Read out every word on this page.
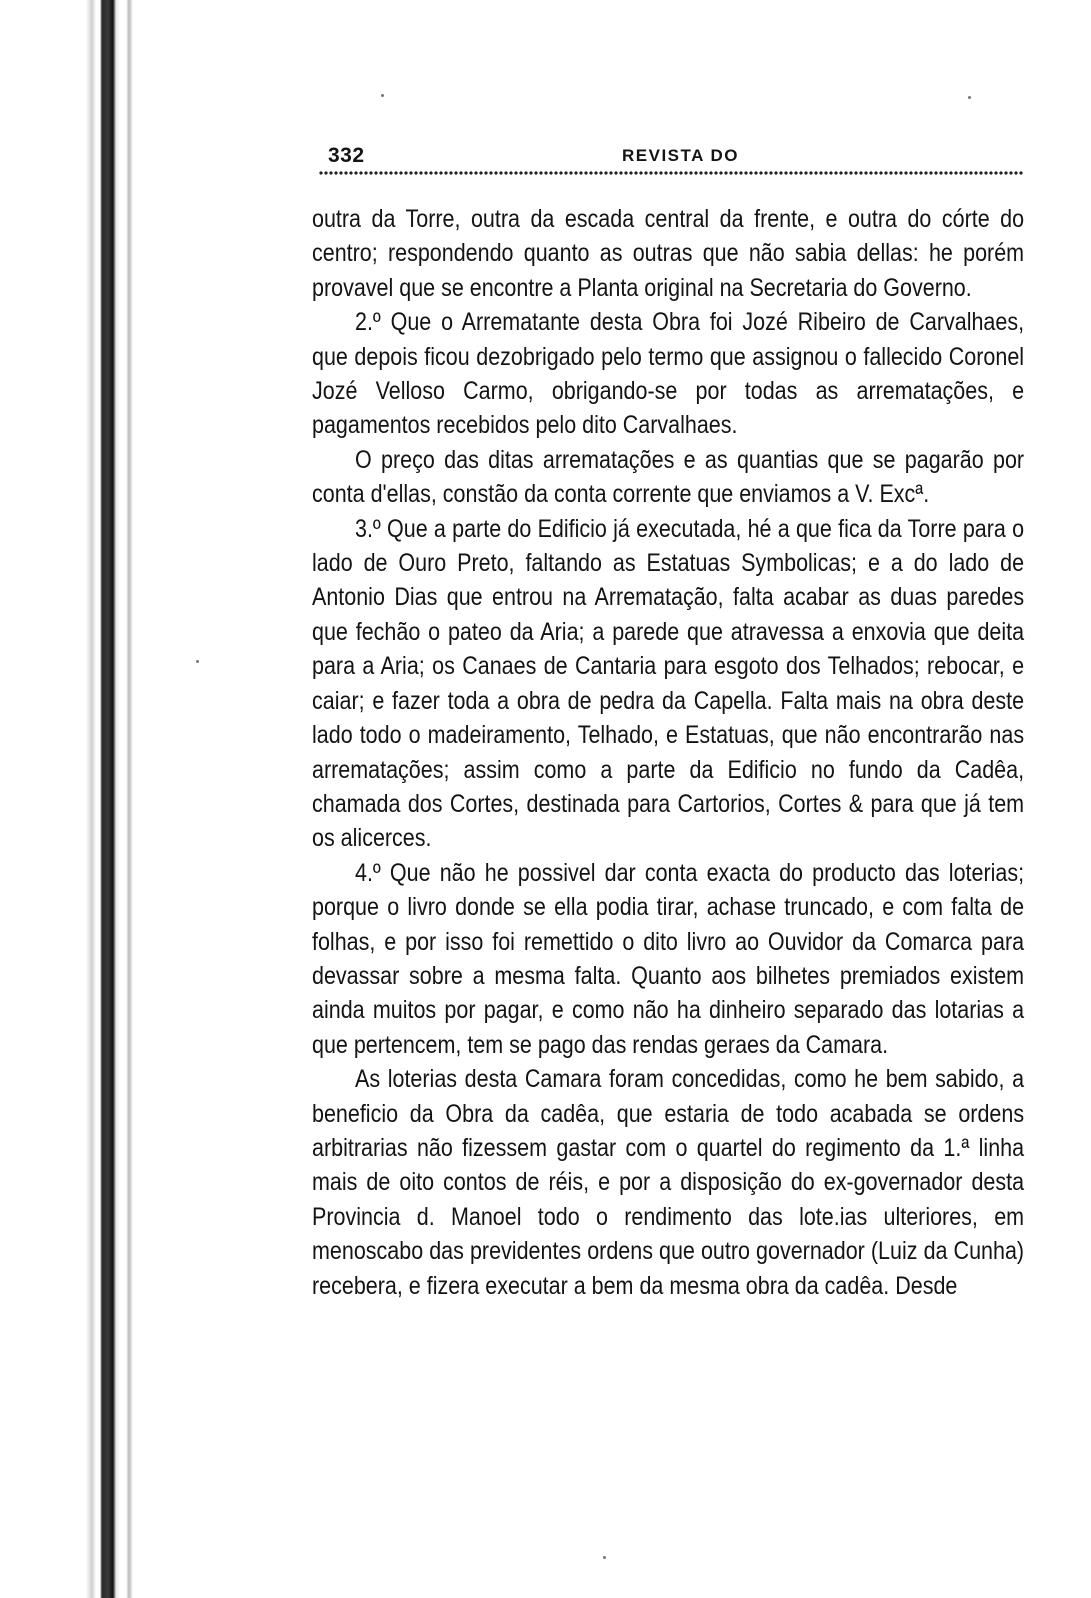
332	REVISTA DO

outra da Torre, outra da escada central da frente, e outra do córte do centro; respondendo quanto as outras que não sabia dellas: he porém provavel que se encontre a Planta original na Secretaria do Governo.

2.º Que o Arrematante desta Obra foi Jozé Ribeiro de Carvalhaes, que depois ficou dezobrigado pelo termo que assignou o fallecido Coronel Jozé Velloso Carmo, obrigando-se por todas as arrematações, e pagamentos recebidos pelo dito Carvalhaes.

O preço das ditas arrematações e as quantias que se pagarão por conta d'ellas, constão da conta corrente que enviamos a V. Excª.

3.º Que a parte do Edificio já executada, hé a que fica da Torre para o lado de Ouro Preto, faltando as Estatuas Symbolicas; e a do lado de Antonio Dias que entrou na Arrematação, falta acabar as duas paredes que fechão o pateo da Aria; a parede que atravessa a enxovia que deita para a Aria; os Canaes de Cantaria para esgoto dos Telhados; rebocar, e caiar; e fazer toda a obra de pedra da Capella. Falta mais na obra deste lado todo o madeiramento, Telhado, e Estatuas, que não encontrarão nas arrematações; assim como a parte da Edificio no fundo da Cadêa, chamada dos Cortes, destinada para Cartorios, Cortes & para que já tem os alicerces.

4.º Que não he possivel dar conta exacta do producto das loterias; porque o livro donde se ella podia tirar, achase truncado, e com falta de folhas, e por isso foi remettido o dito livro ao Ouvidor da Comarca para devassar sobre a mesma falta. Quanto aos bilhetes premiados existem ainda muitos por pagar, e como não ha dinheiro separado das lotarias a que pertencem, tem se pago das rendas geraes da Camara.

As loterias desta Camara foram concedidas, como he bem sabido, a beneficio da Obra da cadêa, que estaria de todo acabada se ordens arbitrarias não fizessem gastar com o quartel do regimento da 1.ª linha mais de oito contos de réis, e por a disposição do ex-governador desta Provincia d. Manoel todo o rendimento das lote.ias ulteriores, em menoscabo das previdentes ordens que outro governador (Luiz da Cunha) recebera, e fizera executar a bem da mesma obra da cadêa. Desde
